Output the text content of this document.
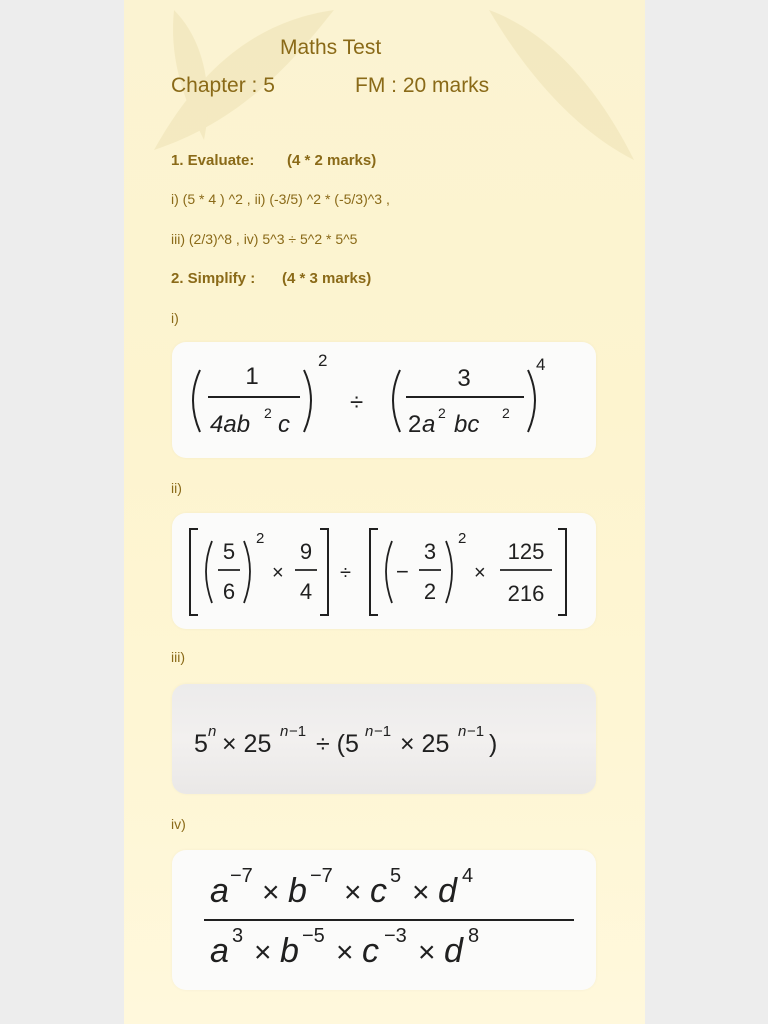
Maths Test
Chapter : 5	FM : 20 marks
1. Evaluate: (4 * 2 marks)
i) (5 * 4 ) ^2 , ii) (-3/5) ^2 * (-5/3)^3 ,
iii) (2/3)^8 , iv) 5^3 ÷ 5^2 * 5^5
2. Simplify : (4 * 3 marks)
i)
ii)
iii)
iv)
1
4ab 2 c
2
÷
3
2 a 2 bc 2
4
5
6
2
×
9
4
÷ −
3
2
2
×
125
216
5 n × 25 n −1 ÷ (5 n −1 × 25 n −1 )
a −7 × b −7 × c 5 × d 4
a 3 × b −5 × c −3 × d 8
